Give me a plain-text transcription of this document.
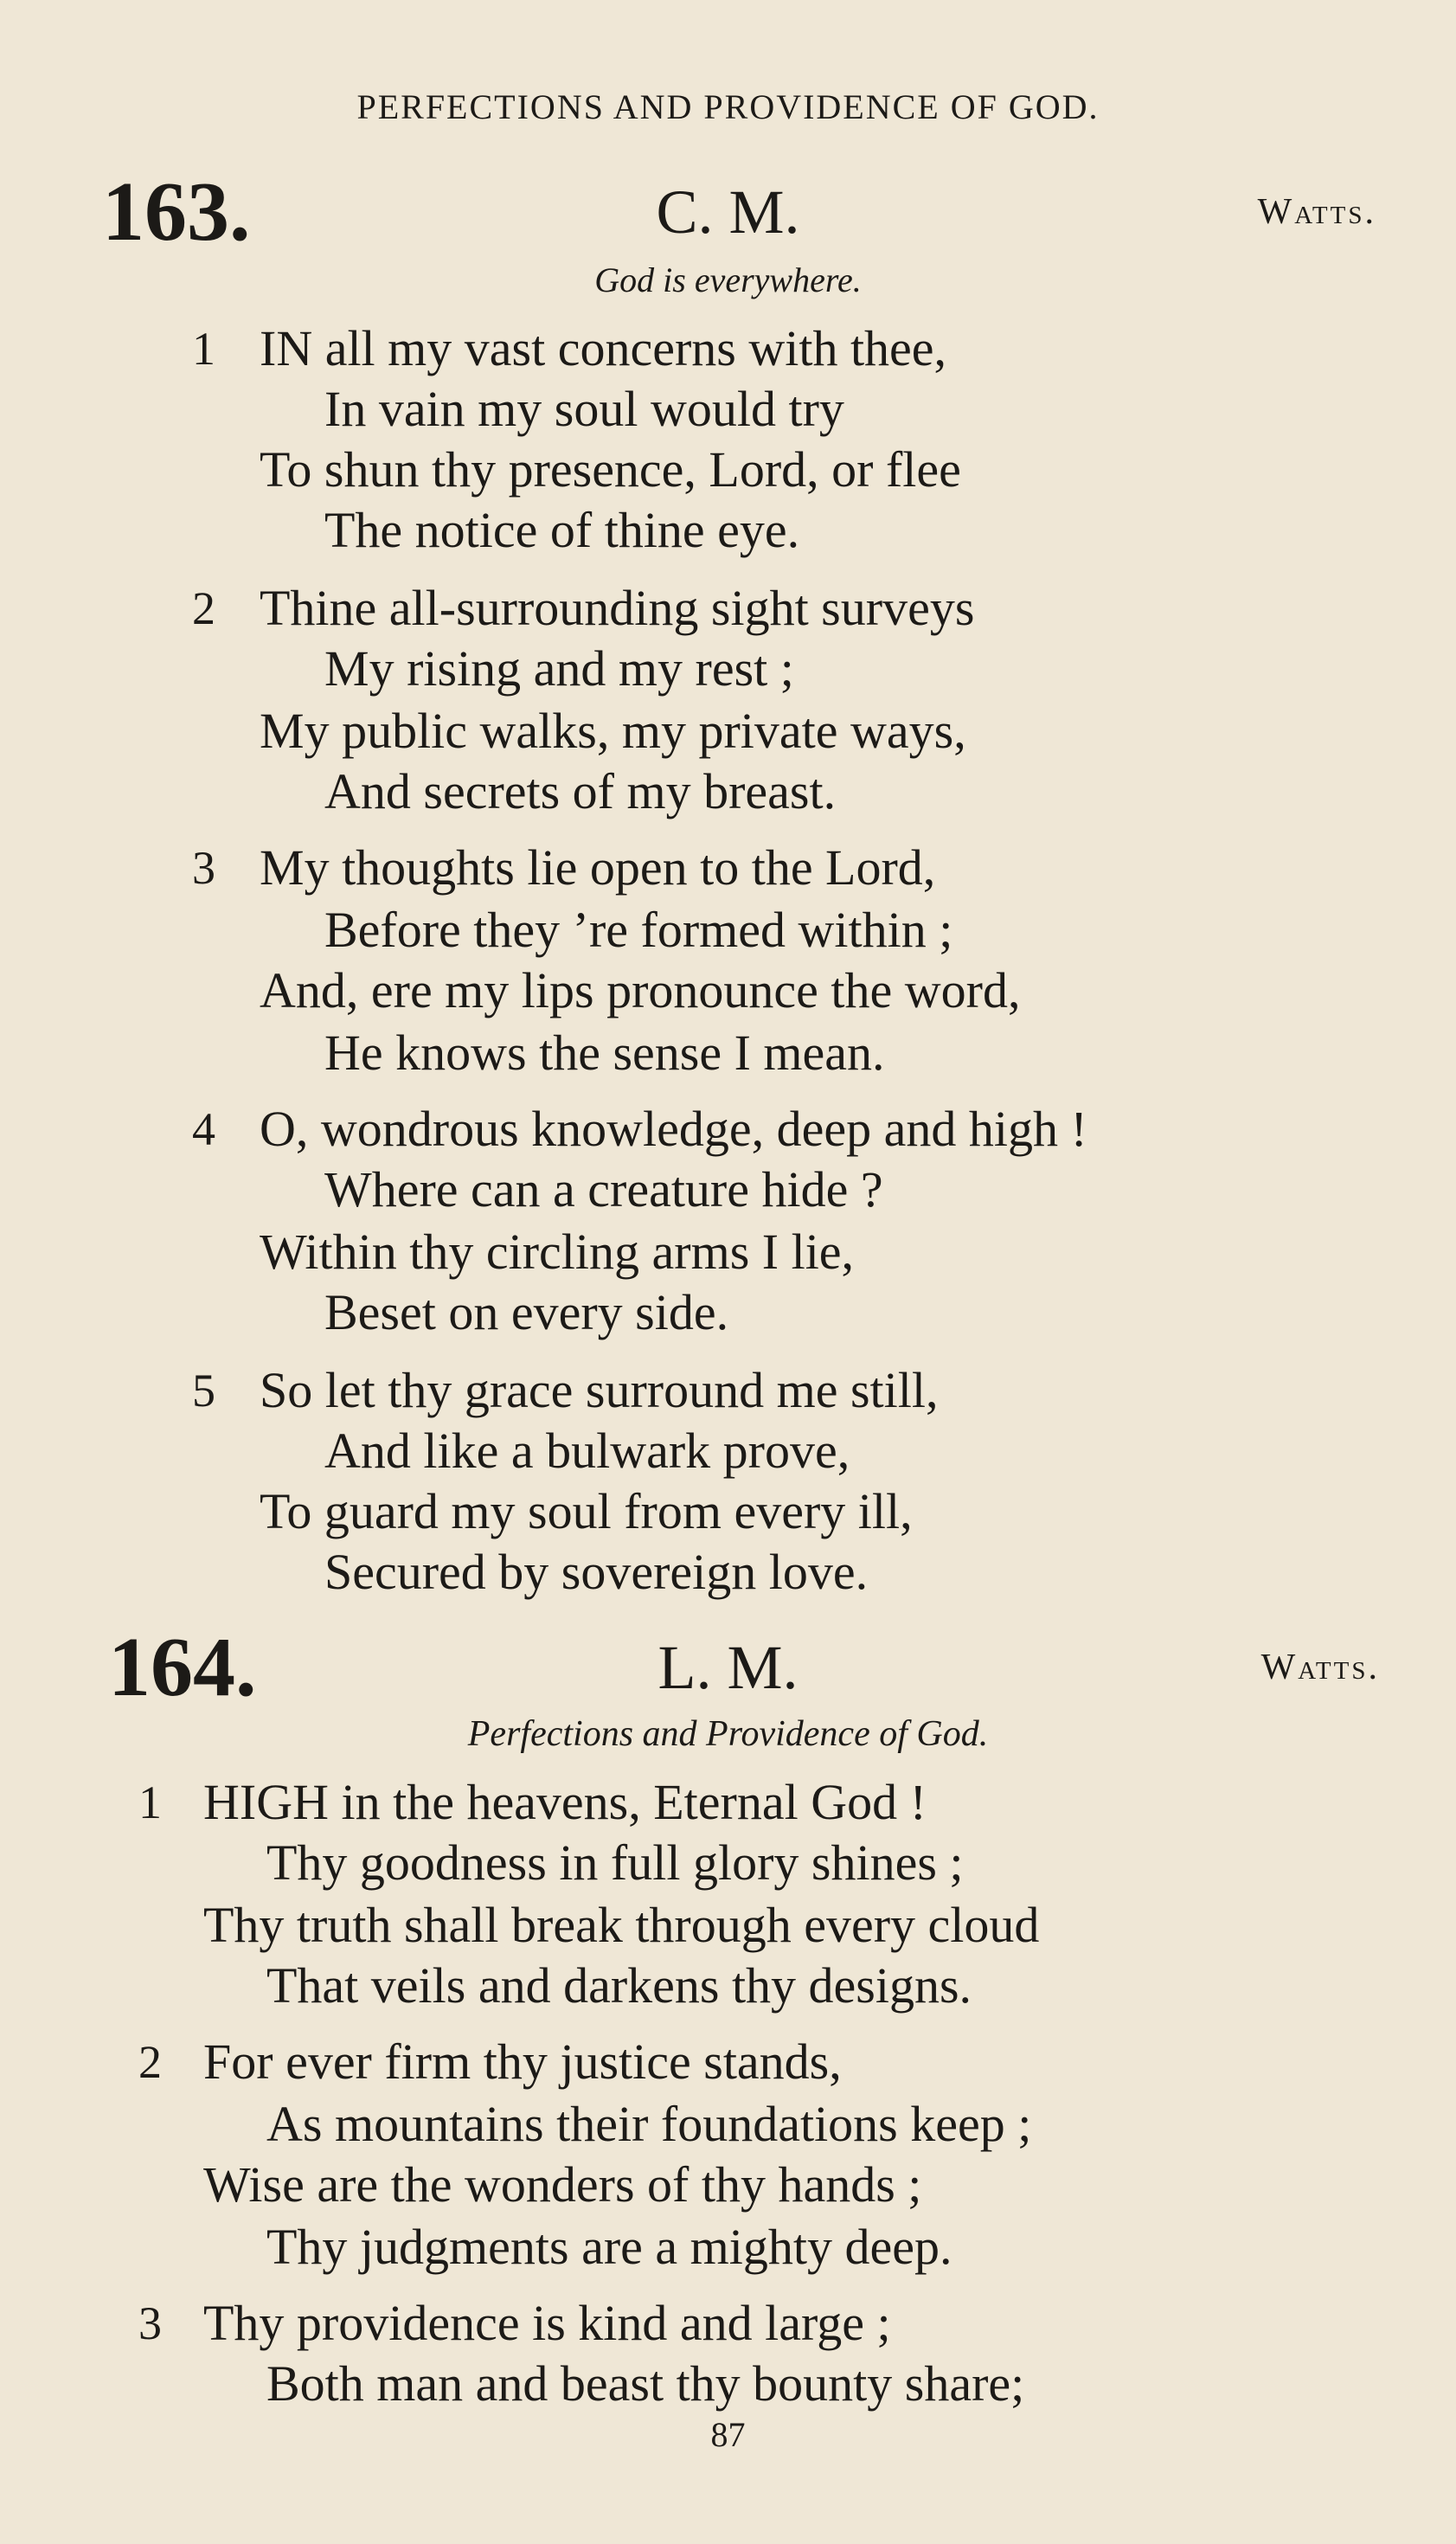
PERFECTIONS AND PROVIDENCE OF GOD.
163.	C. M.	Watts.
God is everywhere.
1 IN all my vast concerns with thee,
In vain my soul would try
To shun thy presence, Lord, or flee
The notice of thine eye.
2 Thine all-surrounding sight surveys
My rising and my rest ;
My public walks, my private ways,
And secrets of my breast.
3 My thoughts lie open to the Lord,
Before they ’re formed within ;
And, ere my lips pronounce the word,
He knows the sense I mean.
4 O, wondrous knowledge, deep and high !
Where can a creature hide ?
Within thy circling arms I lie,
Beset on every side.
5 So let thy grace surround me still,
And like a bulwark prove,
To guard my soul from every ill,
Secured by sovereign love.
164.	L. M.	Watts.
Perfections and Providence of God.
1 HIGH in the heavens, Eternal God !
Thy goodness in full glory shines ;
Thy truth shall break through every cloud
That veils and darkens thy designs.
2 For ever firm thy justice stands,
As mountains their foundations keep ;
Wise are the wonders of thy hands ;
Thy judgments are a mighty deep.
3 Thy providence is kind and large ;
Both man and beast thy bounty share;
87
